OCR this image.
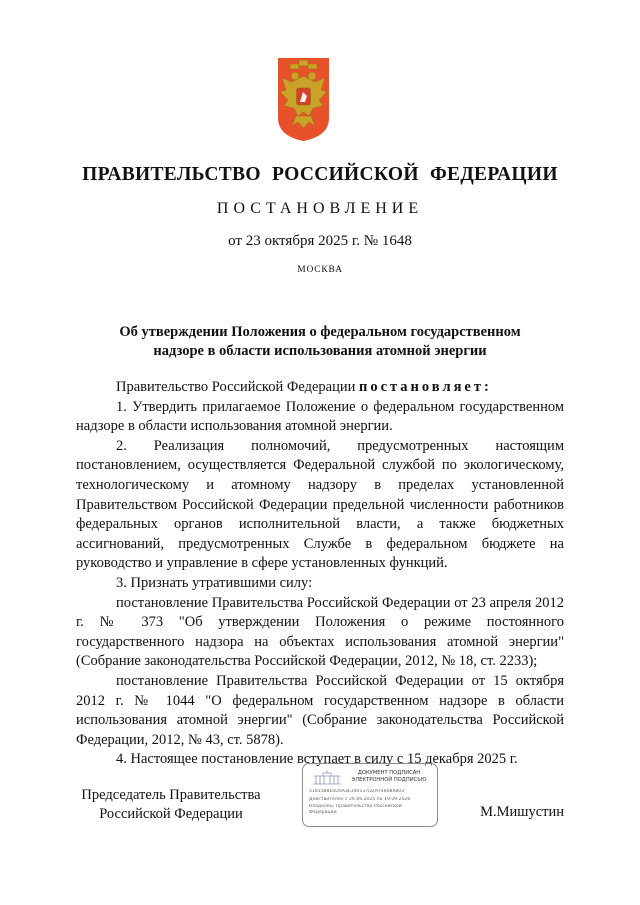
ПРАВИТЕЛЬСТВО РОССИЙСКОЙ ФЕДЕРАЦИИ
ПОСТАНОВЛЕНИЕ
от 23 октября 2025 г. № 1648
МОСКВА
Об утверждении Положения о федеральном государственном
надзоре в области использования атомной энергии

Правительство Российской Федерации постановляет:

1. Утвердить прилагаемое Положение о федеральном государственном надзоре в области использования атомной энергии.

2. Реализация полномочий, предусмотренных настоящим постановлением, осуществляется Федеральной службой по экологическому, технологическому и атомному надзору в пределах установленной Правительством Российской Федерации предельной численности работников федеральных органов исполнительной власти, а также бюджетных ассигнований, предусмотренных Службе в федеральном бюджете на руководство и управление в сфере установленных функций.

3. Признать утратившими силу:

постановление Правительства Российской Федерации от 23 апреля 2012 г. № 373 "Об утверждении Положения о режиме постоянного государственного надзора на объектах использования атомной энергии" (Собрание законодательства Российской Федерации, 2012, № 18, ст. 2233);

постановление Правительства Российской Федерации от 15 октября 2012 г. № 1044 "О федеральном государственном надзоре в области использования атомной энергии" (Собрание законодательства Российской Федерации, 2012, № 43, ст. 5878).

4. Настоящее постановление вступает в силу с 15 декабря 2025 г.

Председатель Правительства
Российской Федерации
ДОКУМЕНТ ПОДПИСАН
ЭЛЕКТРОННОЙ ПОДПИСЬЮ
5181588E0D5A3E340137D2A746084803
Действителен с 26.06.2025 по 19.09.2026
Владелец: Правительство Российской
Федерации	М.Мишустин
